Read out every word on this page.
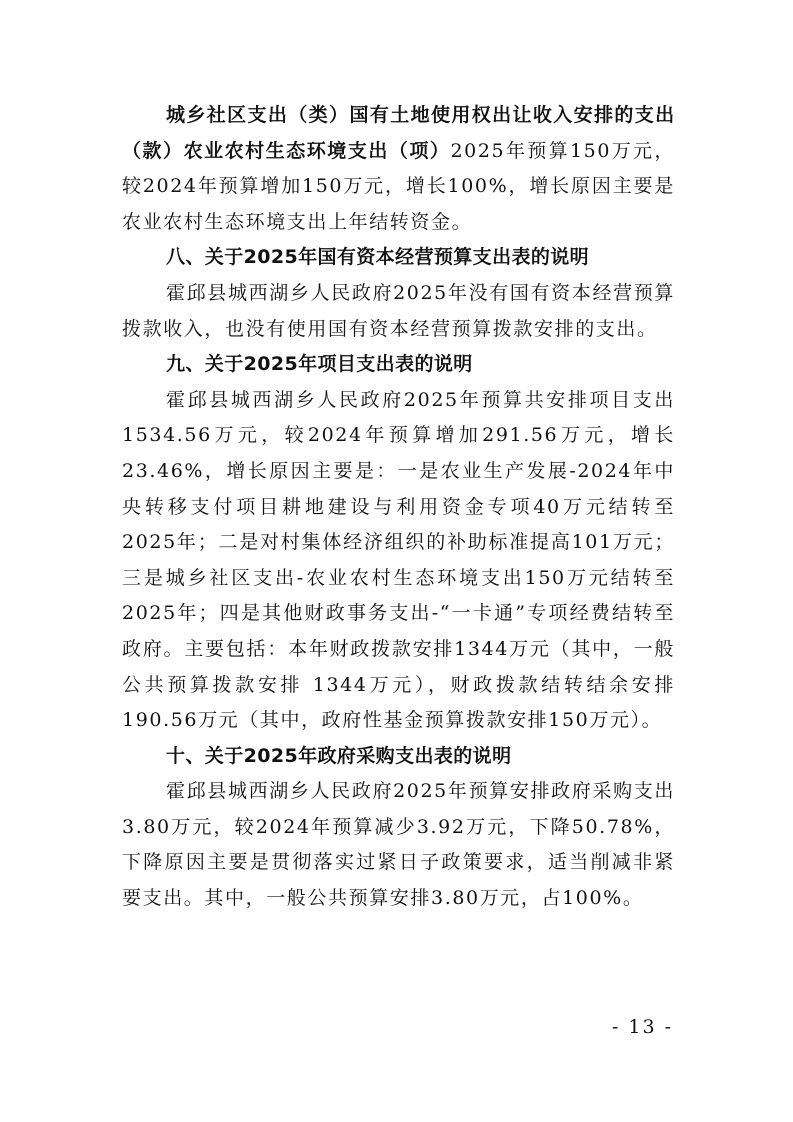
城乡社区支出（类）国有土地使用权出让收入安排的支出（款）农业农村生态环境支出（项）2025年预算150万元，较2024年预算增加150万元，增长100%，增长原因主要是农业农村生态环境支出上年结转资金。

八、关于2025年国有资本经营预算支出表的说明

霍邱县城西湖乡人民政府2025年没有国有资本经营预算拨款收入，也没有使用国有资本经营预算拨款安排的支出。

九、关于2025年项目支出表的说明

霍邱县城西湖乡人民政府2025年预算共安排项目支出1534.56万元，较2024年预算增加291.56万元，增长23.46%，增长原因主要是：一是农业生产发展-2024年中央转移支付项目耕地建设与利用资金专项40万元结转至2025年；二是对村集体经济组织的补助标准提高101万元；三是城乡社区支出-农业农村生态环境支出150万元结转至2025年；四是其他财政事务支出-“一卡通”专项经费结转至政府。主要包括：本年财政拨款安排1344万元（其中，一般公共预算拨款安排 1344万元），财政拨款结转结余安排190.56万元（其中，政府性基金预算拨款安排150万元）。

十、关于2025年政府采购支出表的说明

霍邱县城西湖乡人民政府2025年预算安排政府采购支出3.80万元，较2024年预算减少3.92万元，下降50.78%，下降原因主要是贯彻落实过紧日子政策要求，适当削减非紧要支出。其中，一般公共预算安排3.80万元，占100%。

- 13 -
